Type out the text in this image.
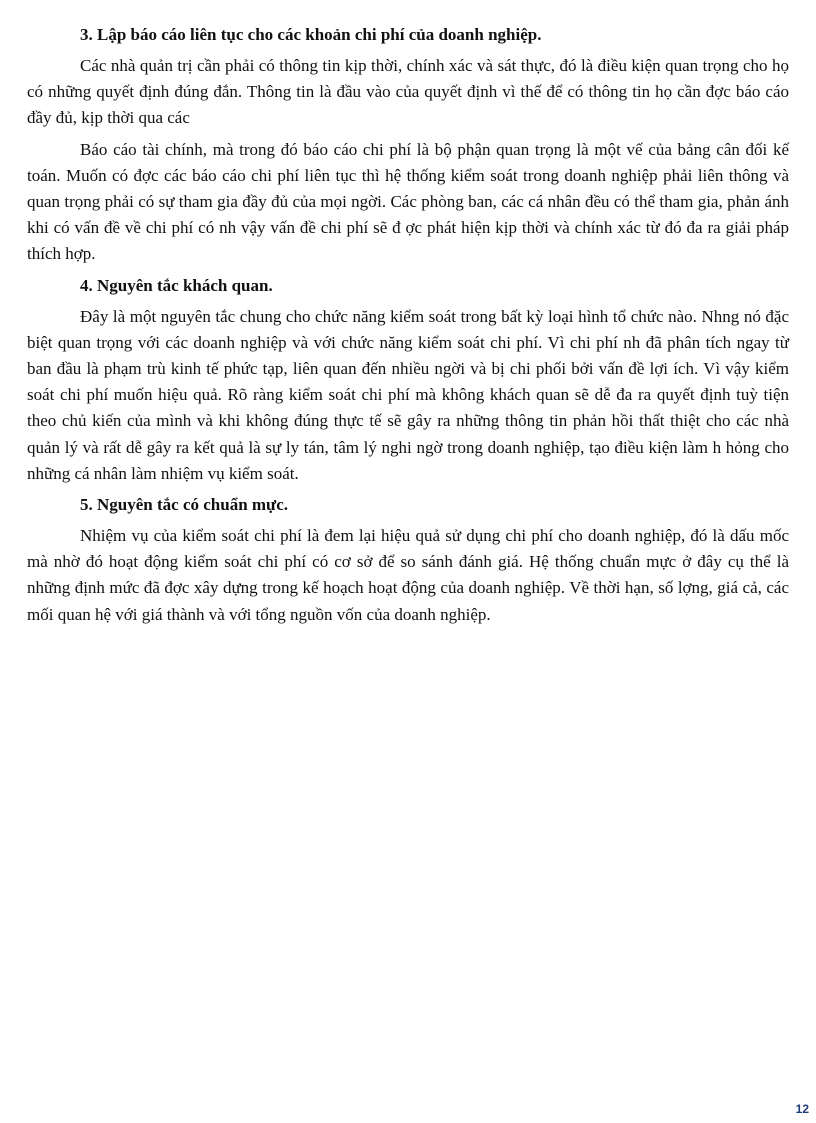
3. Lập báo cáo liên tục cho các khoản chi phí của doanh nghiệp.

Các nhà quản trị cần phải có thông tin kịp thời, chính xác và sát thực, đó là điều kiện quan trọng cho họ có những quyết định đúng đắn. Thông tin là đầu vào của quyết định vì thế để có thông tin họ cần đợc báo cáo đầy đủ, kịp thời qua các

Báo cáo tài chính, mà trong đó báo cáo chi phí là bộ phận quan trọng là một vế của bảng cân đối kế toán. Muốn có đợc các báo cáo chi phí liên tục thì hệ thống kiểm soát trong doanh nghiệp phải liên thông và quan trọng phải có sự tham gia đầy đủ của mọi ngời. Các phòng ban, các cá nhân đều có thể tham gia, phản ánh khi có vấn đề về chi phí có nh vậy vấn đề chi phí sẽ đ ợc phát hiện kịp thời và chính xác từ đó đa ra giải pháp thích hợp.

4. Nguyên tắc khách quan.

Đây là một nguyên tắc chung cho chức năng kiểm soát trong bất kỳ loại hình tổ chức nào. Nhng nó đặc biệt quan trọng với các doanh nghiệp và với chức năng kiểm soát chi phí. Vì chi phí nh đã phân tích ngay từ ban đầu là phạm trù kinh tế phức tạp, liên quan đến nhiều ngời và bị chi phối bởi vấn đề lợi ích. Vì vậy kiểm soát chi phí muốn hiệu quả. Rõ ràng kiểm soát chi phí mà không khách quan sẽ dễ đa ra quyết định tuỳ tiện theo chủ kiến của mình và khi không đúng thực tế sẽ gây ra những thông tin phản hồi thất thiệt cho các nhà quản lý và rất dễ gây ra kết quả là sự ly tán, tâm lý nghi ngờ trong doanh nghiệp, tạo điều kiện làm h hỏng cho những cá nhân làm nhiệm vụ kiểm soát.

5. Nguyên tắc có chuẩn mực.

Nhiệm vụ của kiểm soát chi phí là đem lại hiệu quả sử dụng chi phí cho doanh nghiệp, đó là dấu mốc mà nhờ đó hoạt động kiểm soát chi phí có cơ sở để so sánh đánh giá. Hệ thống chuẩn mực ở đây cụ thể là những định mức đã đợc xây dựng trong kế hoạch hoạt động của doanh nghiệp. Về thời hạn, số lợng, giá cả, các mối quan hệ với giá thành và với tổng nguồn vốn của doanh nghiệp.

12
